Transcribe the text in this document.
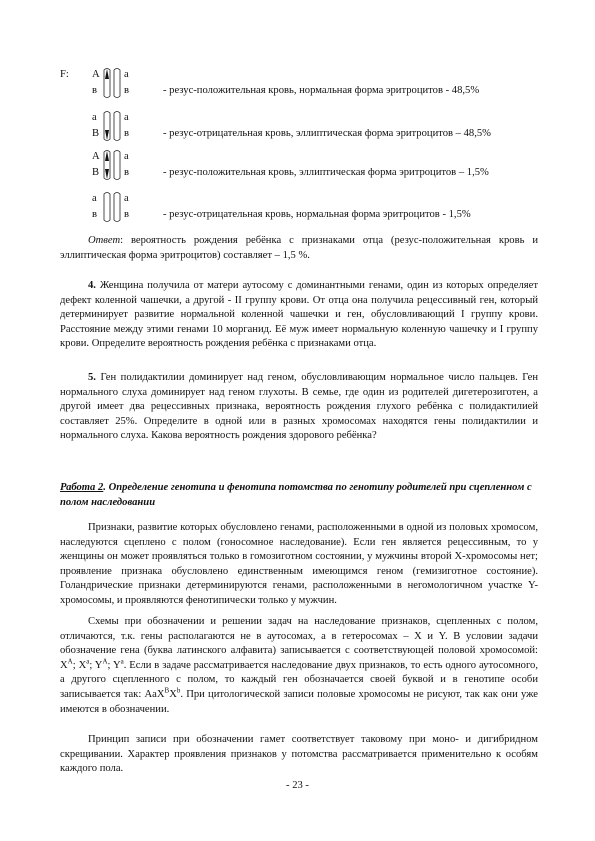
F: A a
в	в	- резус-положительная кровь, нормальная форма эритроцитов - 48,5%
а	а
В в	- резус-отрицательная кровь, эллиптическая форма эритроцитов – 48,5%
A a
В в	- резус-положительная кровь, эллиптическая форма эритроцитов – 1,5%
а	а
в	в	- резус-отрицательная кровь, нормальная форма эритроцитов - 1,5%
Ответ: вероятность рождения ребёнка с признаками отца (резус-положительная кровь и эллиптическая форма эритроцитов) составляет – 1,5 %.
4. Женщина получила от матери аутосому с доминантными генами, один из которых определяет дефект коленной чашечки, а другой - II группу крови. От отца она получила рецессивный ген, который детерминирует развитие нормальной коленной чашечки и ген, обусловливающий I группу крови. Расстояние между этими генами 10 морганид. Её муж имеет нормальную коленную чашечку и I группу крови. Определите вероятность рождения ребёнка с признаками отца.
5. Ген полидактилии доминирует над геном, обусловливающим нормальное число пальцев. Ген нормального слуха доминирует над геном глухоты. В семье, где один из родителей дигетерозиготен, а другой имеет два рецессивных признака, вероятность рождения глухого ребёнка с полидактилией составляет 25%. Определите в одной или в разных хромосомах находятся гены полидактилии и нормального слуха. Какова вероятность рождения здорового ребёнка?
Работа 2. Определение генотипа и фенотипа потомства по генотипу родителей при сцепленном с полом наследовании
Признаки, развитие которых обусловлено генами, расположенными в одной из половых хромосом, наследуются сцеплено с полом (гоносомное наследование). Если ген является рецессивным, то у женщины он может проявляться только в гомозиготном состоянии, у мужчины второй Х-хромосомы нет; проявление признака обусловлено единственным имеющимся геном (гемизиготное состояние). Голандрические признаки детерминируются генами, расположенными в негомологичном участке Y-хромосомы, и проявляются фенотипически только у мужчин.
Схемы при обозначении и решении задач на наследование признаков, сцепленных с полом, отличаются, т.к. гены располагаются не в аутосомах, а в гетеросомах – X и Y. В условии задачи обозначение гена (буква латинского алфавита) записывается с соответствующей половой хромосомой: $X^A$; $X^a$; $Y^A$; $Y^a$. Если в задаче рассматривается наследование двух признаков, то есть одного аутосомного, а другого сцепленного с полом, то каждый ген обозначается своей буквой и в генотипе особи записывается так: $AaX^BX^b$. При цитологической записи половые хромосомы не рисуют, так как они уже имеются в обозначении.
Принцип записи при обозначении гамет соответствует таковому при моно- и дигибридном скрещивании. Характер проявления признаков у потомства рассматривается применительно к особям каждого пола.
- 23 -
